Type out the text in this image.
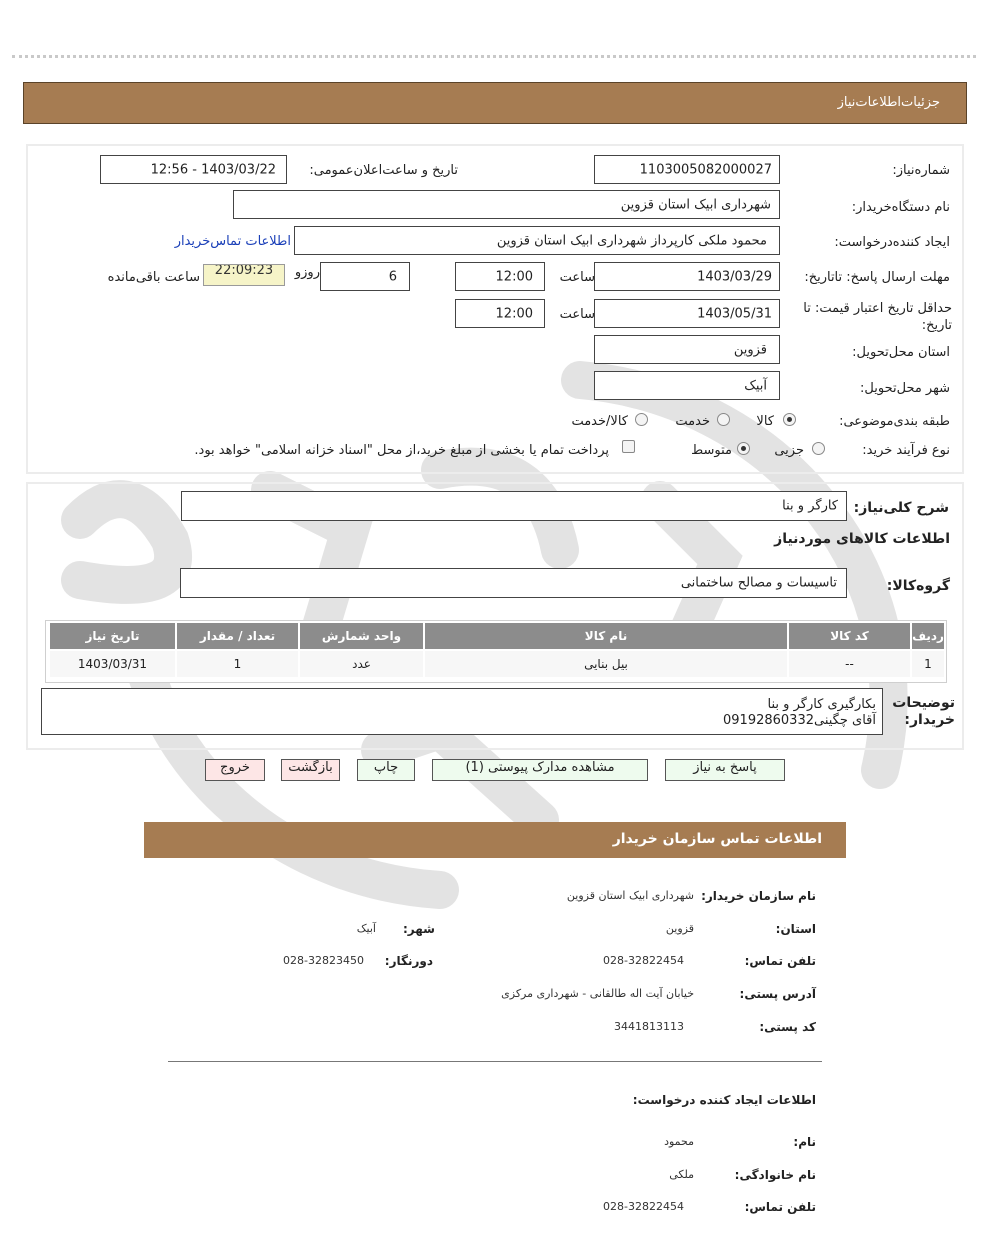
جزئیات‌اطلاعات‌نیاز
شماره‌نیاز:
1103005082000027
تاریخ و ساعت‌اعلان‌عمومی:
1403/03/22 - 12:56
نام دستگاه‌خریدار:
شهرداری ابیک استان قزوین
ایجاد کننده‌درخواست:
محمود ملکی کارپرداز شهرداری ابیک استان قزوین
اطلاعات تماس‌خریدار
مهلت ارسال پاسخ: تاتاریخ:
1403/03/29
ساعت
12:00
6
روزو
22:09:23
ساعت باقی‌مانده
حداقل تاریخ اعتبار قیمت: تا تاریخ:
1403/05/31
ساعت
12:00
استان محل‌تحویل:
قزوین
شهر محل‌تحویل:
آبیک
طبقه بندی‌موضوعی:
کالا
خدمت
کالا/خدمت
نوع فرآیند خرید:
جزیی
متوسط
پرداخت تمام یا بخشی از مبلغ خرید،از محل "اسناد خزانه اسلامی" خواهد بود.
شرح کلی‌نیاز:
کارگر و بنا
اطلاعات کالاهای مورد‌نیاز
گروه‌کالا:
تاسیسات و مصالح ساختمانی
ردیف	کد کالا	نام کالا	واحد شمارش	تعداد / مقدار	تاریخ نیاز
1	--	بیل بنایی	عدد	1	1403/03/31
توضیحات خریدار:
بکارگیری کارگر و بنا
آقای چگینی09192860332
پاسخ به نیاز
مشاهده مدارک پیوستی (1)
چاپ
بازگشت
خروج
اطلاعات تماس سازمان خریدار
نام سازمان خریدار:
شهرداری ابیک استان قزوین
استان:
قزوین
شهر:
آبیک
تلفن تماس:
028-32822454
دورنگار:
028-32823450
آدرس پستی:
خیابان آیت اله طالقانی - شهرداری مرکزی
کد پستی:
3441813113
اطلاعات ایجاد کننده درخواست:
نام:
محمود
نام خانوادگی:
ملکی
تلفن تماس:
028-32822454
